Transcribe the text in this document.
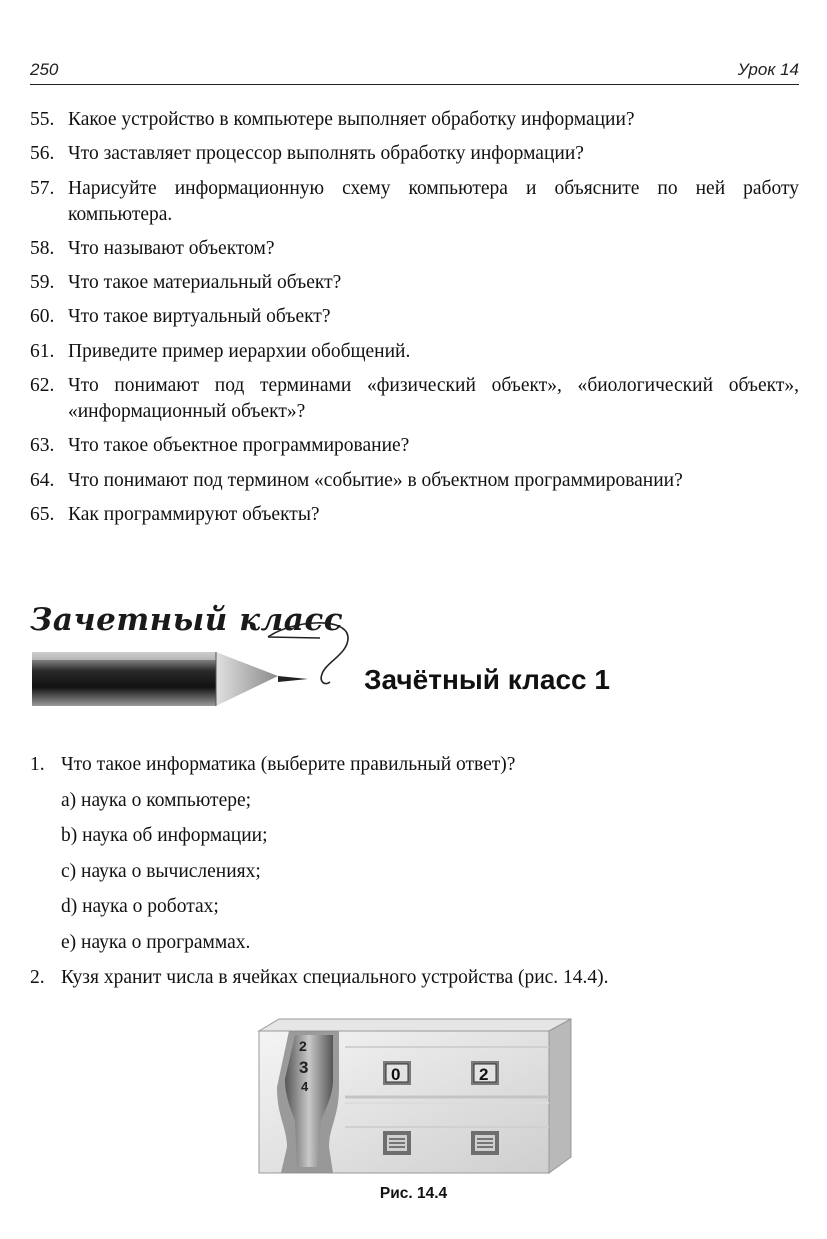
250	Урок 14
55. Какое устройство в компьютере выполняет обработку информации?
56. Что заставляет процессор выполнять обработку информации?
57. Нарисуйте информационную схему компьютера и объясните по ней работу компьютера.
58. Что называют объектом?
59. Что такое материальный объект?
60. Что такое виртуальный объект?
61. Приведите пример иерархии обобщений.
62. Что понимают под терминами «физический объект», «биологический объект», «информационный объект»?
63. Что такое объектное программирование?
64. Что понимают под термином «событие» в объектном программировании?
65. Как программируют объекты?
Зачетный класс
Зачётный класс 1
1. Что такое информатика (выберите правильный ответ)?
a) наука о компьютере;
b) наука об информации;
c) наука о вычислениях;
d) наука о роботах;
e) наука о программах.
2. Кузя хранит числа в ячейках специального устройства (рис. 14.4).
2
3
4
0	2
Рис. 14.4
